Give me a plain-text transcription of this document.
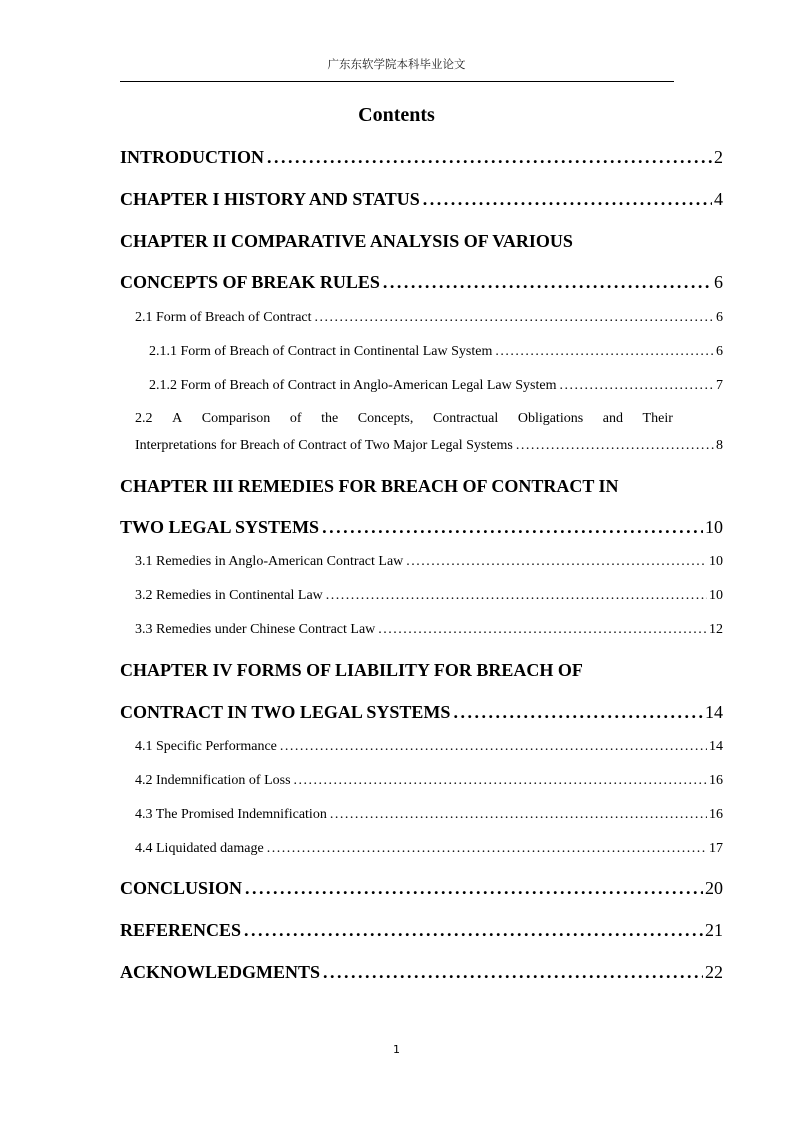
广东东软学院本科毕业论文
Contents
INTRODUCTION . . .	2
CHAPTER I HISTORY AND STATUS . . .	4
CHAPTER II COMPARATIVE ANALYSIS OF VARIOUS
CONCEPTS OF BREAK RULES . . .	6
2.1 Form of Breach of Contract . . .	6
2.1.1 Form of Breach of Contract in Continental Law System . . .	6
2.1.2 Form of Breach of Contract in Anglo-American Legal Law System . . .	7
2.2 A Comparison of the Concepts, Contractual Obligations and Their
Interpretations for Breach of Contract of Two Major Legal Systems . . .	8
CHAPTER III REMEDIES FOR BREACH OF CONTRACT IN
TWO LEGAL SYSTEMS . . .	10
3.1 Remedies in Anglo-American Contract Law . . .	10
3.2 Remedies in Continental Law . . .	10
3.3 Remedies under Chinese Contract Law . . .	12
CHAPTER IV FORMS OF LIABILITY FOR BREACH OF
CONTRACT IN TWO LEGAL SYSTEMS . . .	14
4.1 Specific Performance . . .	14
4.2 Indemnification of Loss . . .	16
4.3 The Promised Indemnification . . .	16
4.4 Liquidated damage . . .	17
CONCLUSION . . .	20
REFERENCES . . .	21
ACKNOWLEDGMENTS . . .	22
1
